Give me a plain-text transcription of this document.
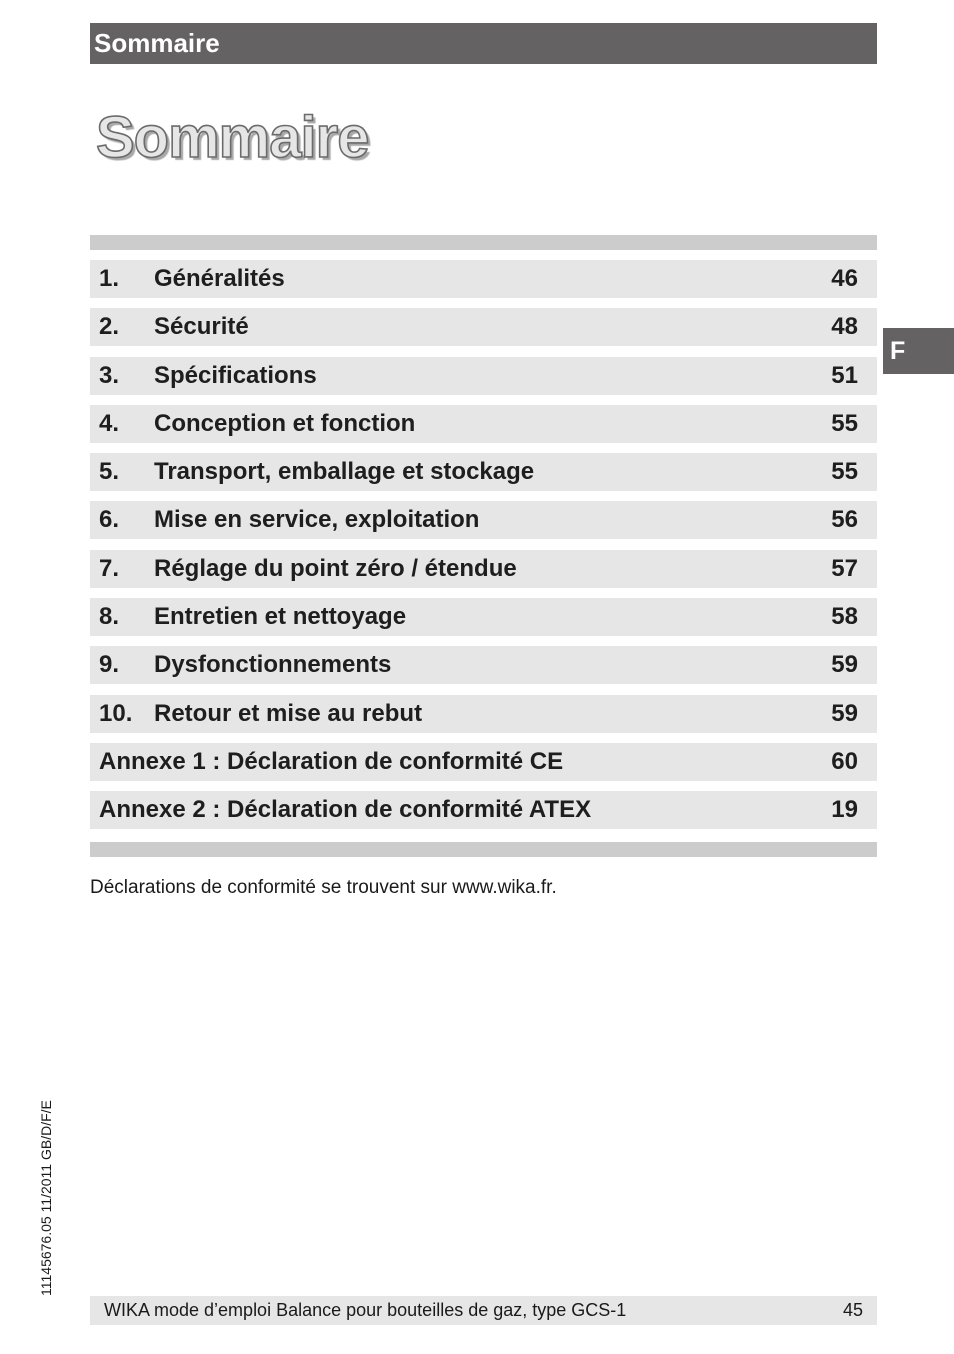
Sommaire
Sommaire
1. Généralités	46
2. Sécurité	48
3. Spécifications	51
4. Conception et fonction	55
5. Transport, emballage et stockage	55
6. Mise en service, exploitation	56
7. Réglage du point zéro / étendue	57
8. Entretien et nettoyage	58
9. Dysfonctionnements	59
10. Retour et mise au rebut	59
Annexe 1 : Déclaration de conformité CE	60
Annexe 2 : Déclaration de conformité ATEX	19
F
Déclarations de conformité se trouvent sur www.wika.fr.
11145676.05 11/2011 GB/D/F/E
WIKA mode d’emploi Balance pour bouteilles de gaz, type GCS-1	45
